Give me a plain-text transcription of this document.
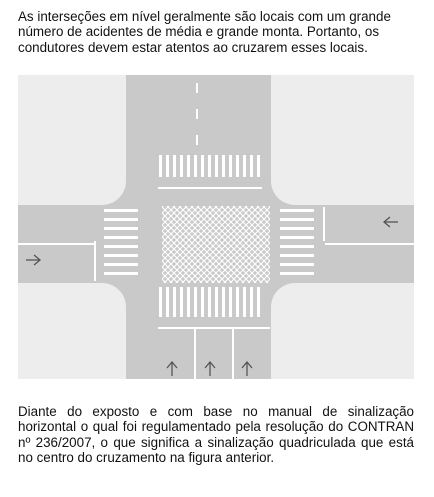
As interseções em nível geralmente são locais com um grande número de acidentes de média e grande monta. Portanto, os condutores devem estar atentos ao cruzarem esses locais.

Diante do exposto e com base no manual de sinalização horizontal o qual foi regulamentado pela resolução do CONTRAN nº 236/2007, o que significa a sinalização quadriculada que está no centro do cruzamento na figura anterior.
